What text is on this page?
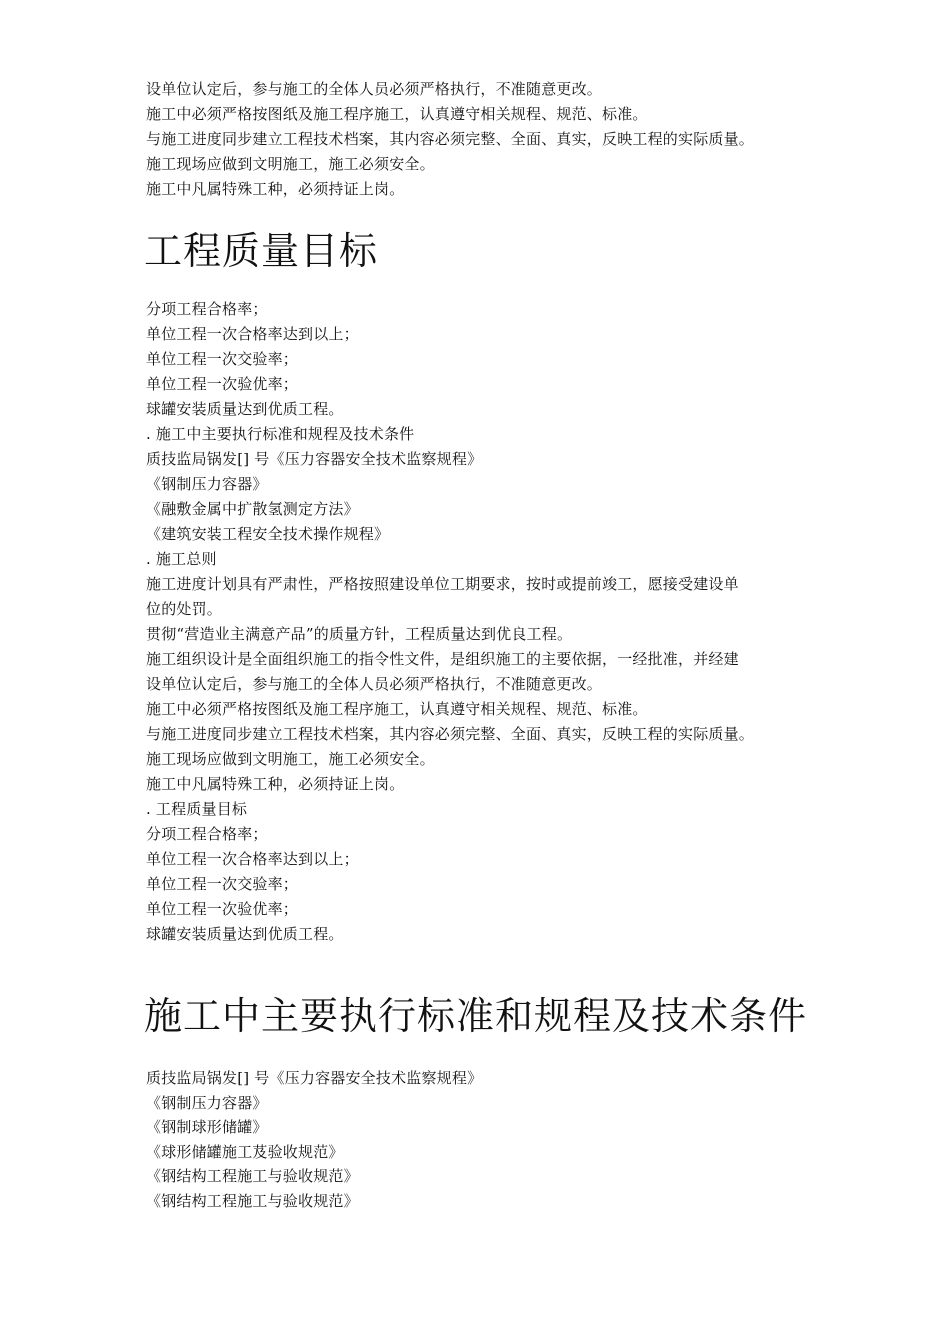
设单位认定后，参与施工的全体人员必须严格执行，不准随意更改。
施工中必须严格按图纸及施工程序施工，认真遵守相关规程、规范、标准。
与施工进度同步建立工程技术档案，其内容必须完整、全面、真实，反映工程的实际质量。
施工现场应做到文明施工，施工必须安全。
施工中凡属特殊工种，必须持证上岗。
工程质量目标
分项工程合格率；
单位工程一次合格率达到以上；
单位工程一次交验率；
单位工程一次验优率；
球罐安装质量达到优质工程。
. 施工中主要执行标准和规程及技术条件
质技监局锅发[] 号《压力容器安全技术监察规程》
《钢制压力容器》
《融敷金属中扩散氢测定方法》
《建筑安装工程安全技术操作规程》
. 施工总则
施工进度计划具有严肃性，严格按照建设单位工期要求，按时或提前竣工，愿接受建设单
位的处罚。
贯彻“营造业主满意产品”的质量方针，工程质量达到优良工程。
施工组织设计是全面组织施工的指令性文件，是组织施工的主要依据，一经批准，并经建
设单位认定后，参与施工的全体人员必须严格执行，不准随意更改。
施工中必须严格按图纸及施工程序施工，认真遵守相关规程、规范、标准。
与施工进度同步建立工程技术档案，其内容必须完整、全面、真实，反映工程的实际质量。
施工现场应做到文明施工，施工必须安全。
施工中凡属特殊工种，必须持证上岗。
. 工程质量目标
分项工程合格率；
单位工程一次合格率达到以上；
单位工程一次交验率；
单位工程一次验优率；
球罐安装质量达到优质工程。
施工中主要执行标准和规程及技术条件
质技监局锅发[] 号《压力容器安全技术监察规程》
《钢制压力容器》
《钢制球形储罐》
《球形储罐施工芨验收规范》
《钢结构工程施工与验收规范》
《钢结构工程施工与验收规范》
